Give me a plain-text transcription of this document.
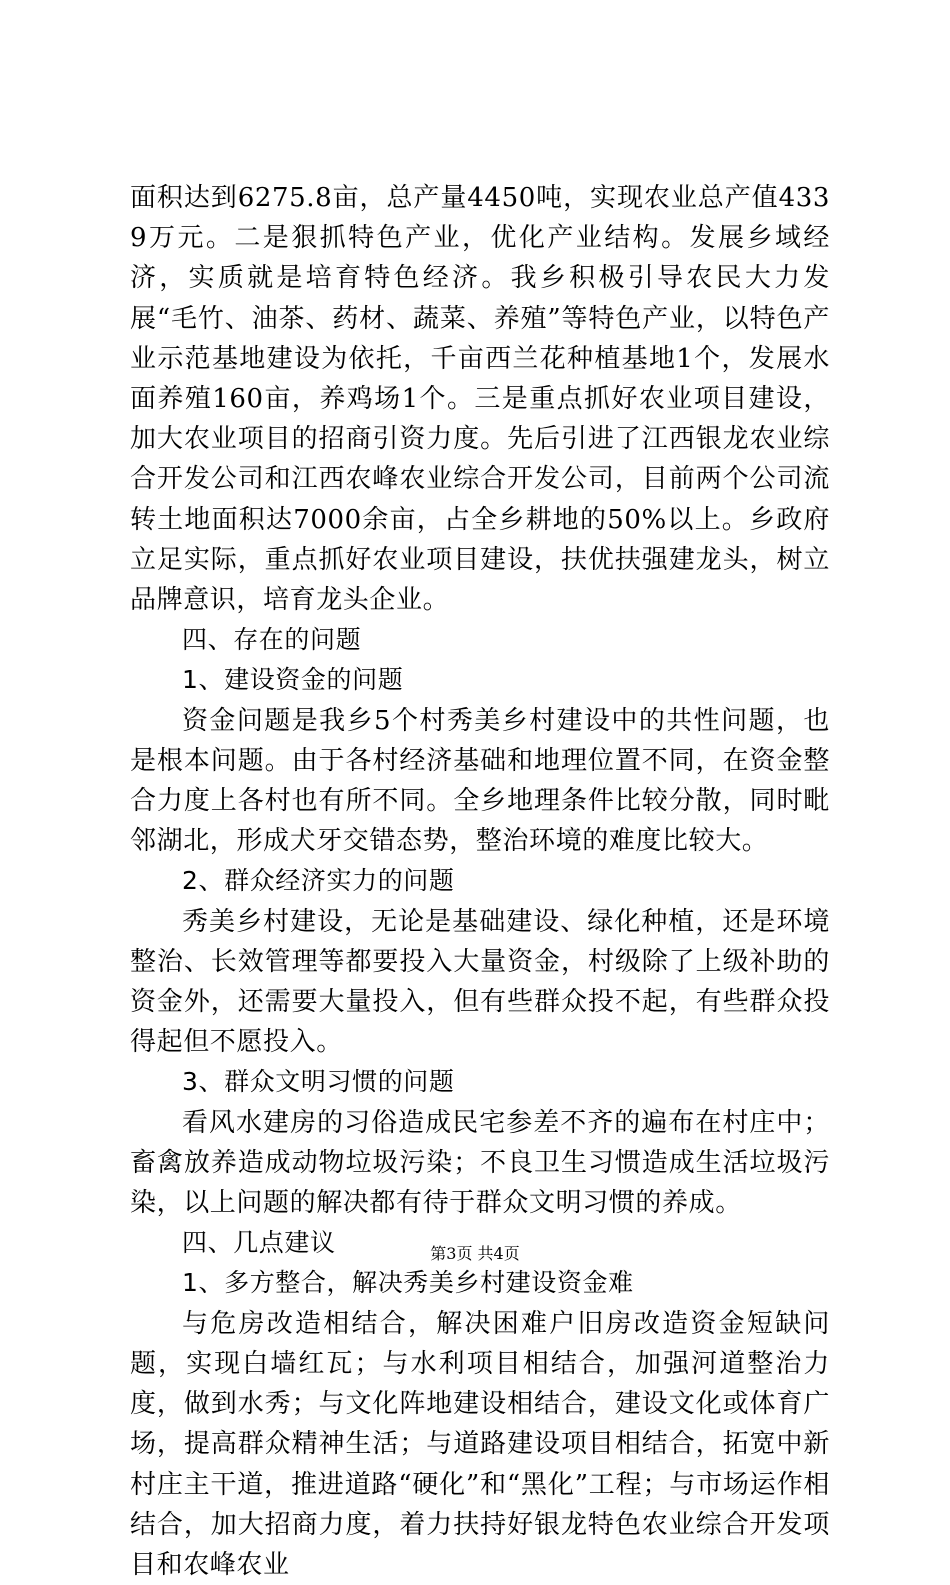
面积达到6275.8亩，总产量4450吨，实现农业总产值4339万元。二是狠抓特色产业，优化产业结构。发展乡域经济，实质就是培育特色经济。我乡积极引导农民大力发展“毛竹、油茶、药材、蔬菜、养殖”等特色产业，以特色产业示范基地建设为依托，千亩西兰花种植基地1个，发展水面养殖160亩，养鸡场1个。三是重点抓好农业项目建设，加大农业项目的招商引资力度。先后引进了江西银龙农业综合开发公司和江西农峰农业综合开发公司，目前两个公司流转土地面积达7000余亩，占全乡耕地的50%以上。乡政府立足实际，重点抓好农业项目建设，扶优扶强建龙头，树立品牌意识，培育龙头企业。

四、存在的问题

1、建设资金的问题

资金问题是我乡5个村秀美乡村建设中的共性问题，也是根本问题。由于各村经济基础和地理位置不同，在资金整合力度上各村也有所不同。全乡地理条件比较分散，同时毗邻湖北，形成犬牙交错态势，整治环境的难度比较大。

2、群众经济实力的问题

秀美乡村建设，无论是基础建设、绿化种植，还是环境整治、长效管理等都要投入大量资金，村级除了上级补助的资金外，还需要大量投入，但有些群众投不起，有些群众投得起但不愿投入。

3、群众文明习惯的问题

看风水建房的习俗造成民宅参差不齐的遍布在村庄中；畜禽放养造成动物垃圾污染；不良卫生习惯造成生活垃圾污染，以上问题的解决都有待于群众文明习惯的养成。

四、几点建议

1、多方整合，解决秀美乡村建设资金难

与危房改造相结合，解决困难户旧房改造资金短缺问题，实现白墙红瓦；与水利项目相结合，加强河道整治力度，做到水秀；与文化阵地建设相结合，建设文化或体育广场，提高群众精神生活；与道路建设项目相结合，拓宽中新村庄主干道，推进道路“硬化”和“黑化”工程；与市场运作相结合，加大招商力度，着力扶持好银龙特色农业综合开发项目和农峰农业

第3页 共4页
